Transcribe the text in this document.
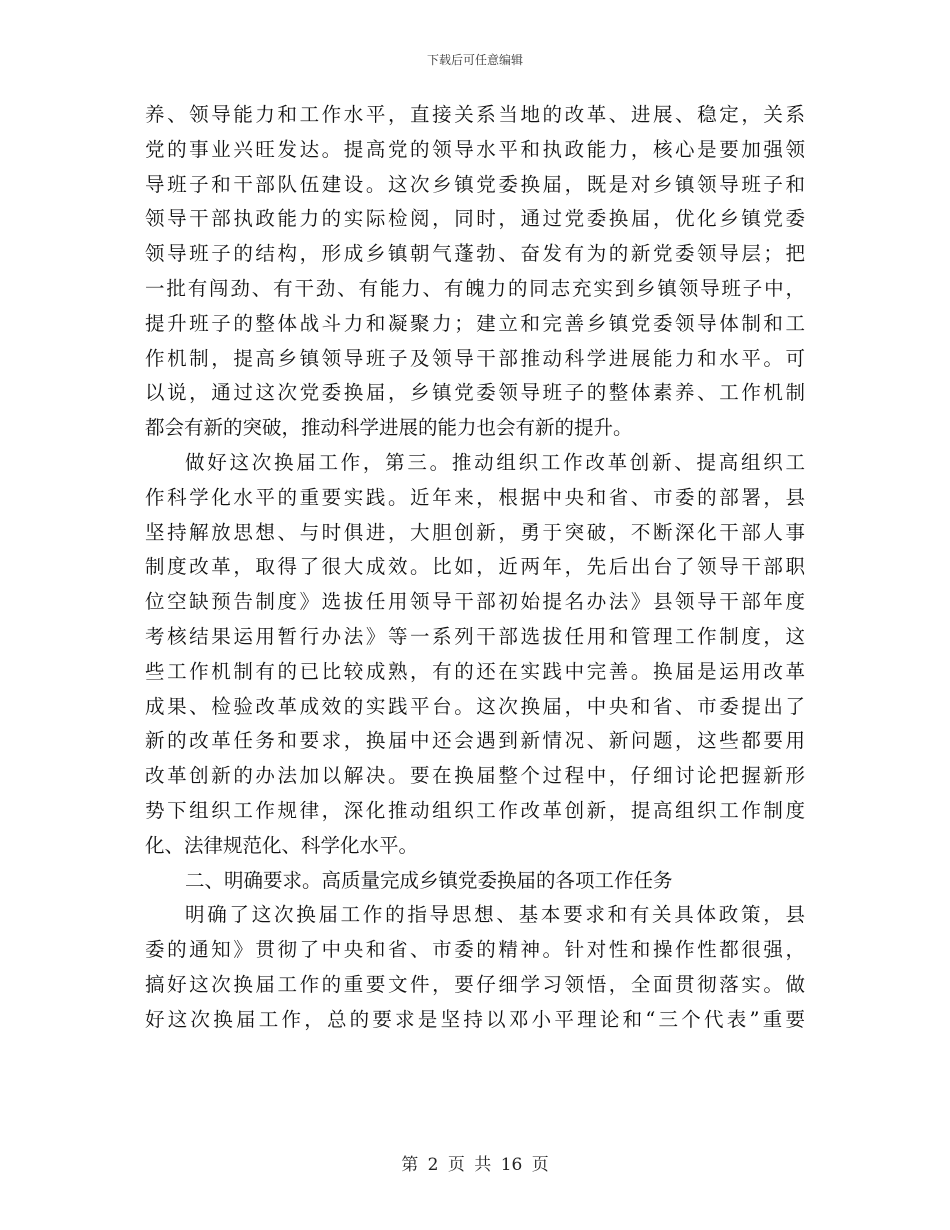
下载后可任意编辑
养、领导能力和工作水平，直接关系当地的改革、进展、稳定，关系
党的事业兴旺发达。提高党的领导水平和执政能力，核心是要加强领
导班子和干部队伍建设。这次乡镇党委换届，既是对乡镇领导班子和
领导干部执政能力的实际检阅，同时，通过党委换届，优化乡镇党委
领导班子的结构，形成乡镇朝气蓬勃、奋发有为的新党委领导层；把
一批有闯劲、有干劲、有能力、有魄力的同志充实到乡镇领导班子中，
提升班子的整体战斗力和凝聚力；建立和完善乡镇党委领导体制和工
作机制，提高乡镇领导班子及领导干部推动科学进展能力和水平。可
以说，通过这次党委换届，乡镇党委领导班子的整体素养、工作机制
都会有新的突破，推动科学进展的能力也会有新的提升。
做好这次换届工作，第三。推动组织工作改革创新、提高组织工
作科学化水平的重要实践。近年来，根据中央和省、市委的部署，县
坚持解放思想、与时俱进，大胆创新，勇于突破，不断深化干部人事
制度改革，取得了很大成效。比如，近两年，先后出台了领导干部职
位空缺预告制度》选拔任用领导干部初始提名办法》县领导干部年度
考核结果运用暂行办法》等一系列干部选拔任用和管理工作制度，这
些工作机制有的已比较成熟，有的还在实践中完善。换届是运用改革
成果、检验改革成效的实践平台。这次换届，中央和省、市委提出了
新的改革任务和要求，换届中还会遇到新情况、新问题，这些都要用
改革创新的办法加以解决。要在换届整个过程中，仔细讨论把握新形
势下组织工作规律，深化推动组织工作改革创新，提高组织工作制度
化、法律规范化、科学化水平。
二、明确要求。高质量完成乡镇党委换届的各项工作任务
明确了这次换届工作的指导思想、基本要求和有关具体政策，县
委的通知》贯彻了中央和省、市委的精神。针对性和操作性都很强，
搞好这次换届工作的重要文件，要仔细学习领悟，全面贯彻落实。做
好这次换届工作，总的要求是坚持以邓小平理论和“三个代表”重要
第 2 页 共 16 页
